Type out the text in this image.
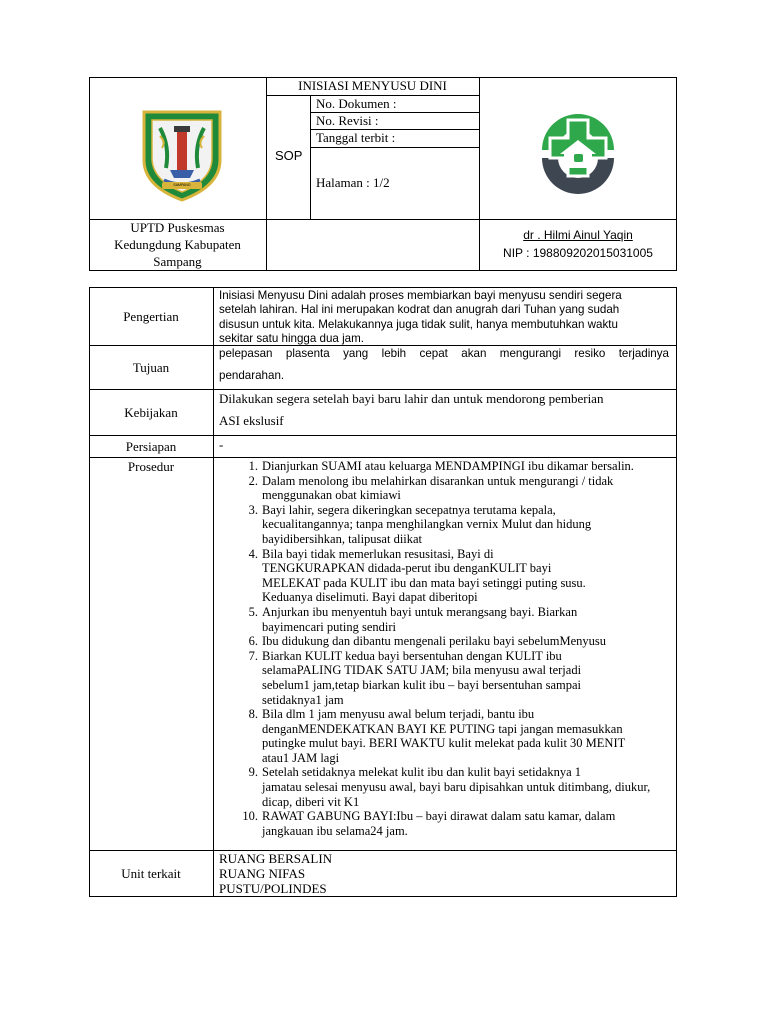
SAMPANG
INISIASI MENYUSU DINI
SOP
No. Dokumen :
No. Revisi :
Tanggal terbit :
Halaman : 1/2
UPTD Puskesmas
Kedungdung Kabupaten
Sampang
dr . Hilmi Ainul Yaqin
NIP : 198809202015031005
Pengertian
Inisiasi Menyusu Dini adalah proses membiarkan bayi menyusu sendiri segera
setelah lahiran. Hal ini merupakan kodrat dan anugrah dari Tuhan yang sudah
disusun untuk kita. Melakukannya juga tidak sulit, hanya membutuhkan waktu
sekitar satu hingga dua jam.
Tujuan
pelepasan plasenta yang lebih cepat akan mengurangi resiko terjadinya
pendarahan.
Kebijakan
Dilakukan segera setelah bayi baru lahir dan untuk mendorong pemberian
ASI ekslusif
Persiapan	-
Prosedur	1. Dianjurkan SUAMI atau keluarga MENDAMPINGI ibu dikamar bersalin.
2. Dalam menolong ibu melahirkan disarankan untuk mengurangi / tidak
menggunakan obat kimiawi
3. Bayi lahir, segera dikeringkan secepatnya terutama kepala,
kecualitangannya; tanpa menghilangkan vernix Mulut dan hidung
bayidibersihkan, talipusat diikat
4. Bila bayi tidak memerlukan resusitasi, Bayi di
TENGKURAPKAN didada-perut ibu denganKULIT bayi
MELEKAT pada KULIT ibu dan mata bayi setinggi puting susu.
Keduanya diselimuti. Bayi dapat diberitopi
5. Anjurkan ibu menyentuh bayi untuk merangsang bayi. Biarkan
bayimencari puting sendiri
6. Ibu didukung dan dibantu mengenali perilaku bayi sebelumMenyusu
7. Biarkan KULIT kedua bayi bersentuhan dengan KULIT ibu
selamaPALING TIDAK SATU JAM; bila menyusu awal terjadi
sebelum1 jam,tetap biarkan kulit ibu – bayi bersentuhan sampai
setidaknya1 jam
8. Bila dlm 1 jam menyusu awal belum terjadi, bantu ibu
denganMENDEKATKAN BAYI KE PUTING tapi jangan memasukkan
putingke mulut bayi. BERI WAKTU kulit melekat pada kulit 30 MENIT
atau1 JAM lagi
9. Setelah setidaknya melekat kulit ibu dan kulit bayi setidaknya 1
jamatau selesai menyusu awal, bayi baru dipisahkan untuk ditimbang, diukur,
dicap, diberi vit K1
10. RAWAT GABUNG BAYI:Ibu – bayi dirawat dalam satu kamar, dalam
jangkauan ibu selama24 jam.
Unit terkait
RUANG BERSALIN
RUANG NIFAS
PUSTU/POLINDES
